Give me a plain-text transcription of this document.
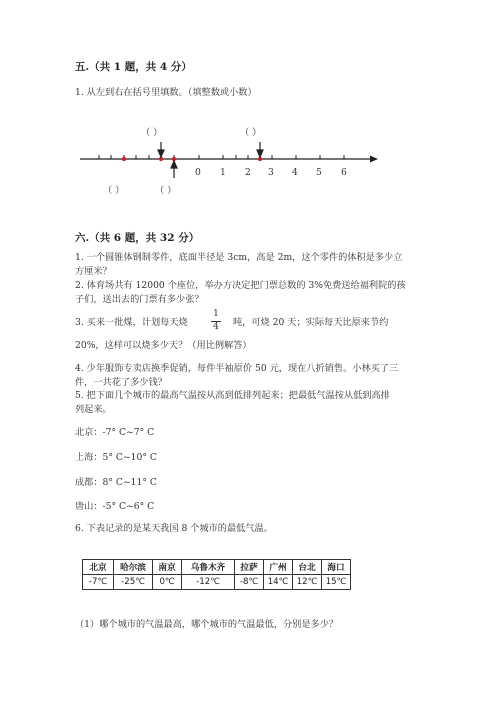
五.（共 1 题，共 4 分）
1. 从左到右在括号里填数。（填整数或小数）
0 1 2 3 4 5 6
（ ）	（ ）
（ ）	（ ）
六.（共 6 题，共 32 分）
1. 一个圆锥体钢制零件，底面半径是 3cm，高是 2m，这个零件的体积是多少立
方厘米？
2. 体育场共有 12000 个座位，举办方决定把门票总数的 3%免费送给福利院的孩
子们，送出去的门票有多少张？
3. 买来一批煤，计划每天烧
1
4	吨，可烧 20 天；实际每天比原来节约
20%，这样可以烧多少天？（用比例解答）
4. 少年服饰专卖店换季促销，每件半袖原价 50 元，现在八折销售。小林买了三
件，一共花了多少钱？
5. 把下面几个城市的最高气温按从高到低排列起来；把最低气温按从低到高排
列起来。
北京：-7° C~7° C
上海：5° C~10° C
成都：8° C~11° C
唐山：-5° C~6° C
6. 下表记录的是某天我国 8 个城市的最低气温。
北京	哈尔滨	南京	乌鲁木齐	拉萨	广州	台北	海口
-7℃	-25℃	0℃	-12℃	-8℃	14℃	12℃	15℃
（1）哪个城市的气温最高，哪个城市的气温最低，分别是多少？
